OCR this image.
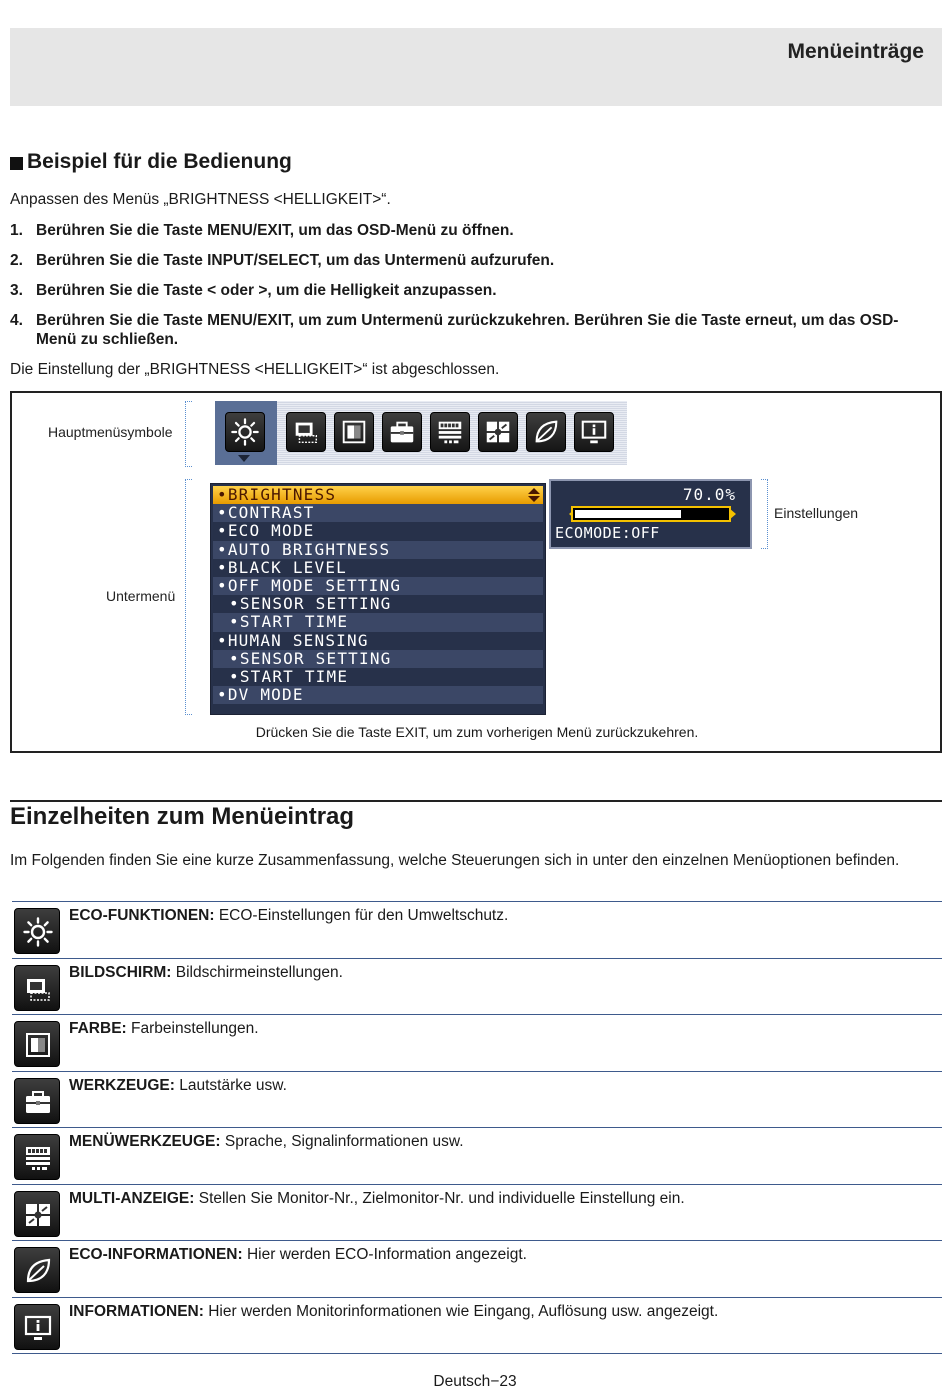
Menüeinträge
Beispiel für die Bedienung
Anpassen des Menüs „BRIGHTNESS <HELLIGKEIT>“.
1. Berühren Sie die Taste MENU/EXIT, um das OSD-Menü zu öffnen.
2. Berühren Sie die Taste INPUT/SELECT, um das Untermenü aufzurufen.
3. Berühren Sie die Taste < oder >, um die Helligkeit anzupassen.
4. Berühren Sie die Taste MENU/EXIT, um zum Untermenü zurückzukehren. Berühren Sie die Taste erneut, um das OSD-Menü zu schließen.
Die Einstellung der „BRIGHTNESS <HELLIGKEIT>“ ist abgeschlossen.
Hauptmenüsymbole
Untermenü
•BRIGHTNESS
•CONTRAST
•ECO MODE
•AUTO BRIGHTNESS
•BLACK LEVEL
•OFF MODE SETTING
•SENSOR SETTING
•START TIME
•HUMAN SENSING
•SENSOR SETTING
•START TIME
•DV MODE
70.0%
ECOMODE:OFF
Einstellungen
Drücken Sie die Taste EXIT, um zum vorherigen Menü zurückzukehren.
Einzelheiten zum Menüeintrag
Im Folgenden finden Sie eine kurze Zusammenfassung, welche Steuerungen sich in unter den einzelnen Menüoptionen befinden.
ECO-FUNKTIONEN: ECO-Einstellungen für den Umweltschutz.
BILDSCHIRM: Bildschirmeinstellungen.
FARBE: Farbeinstellungen.
WERKZEUGE: Lautstärke usw.
MENÜWERKZEUGE: Sprache, Signalinformationen usw.
MULTI-ANZEIGE: Stellen Sie Monitor-Nr., Zielmonitor-Nr. und individuelle Einstellung ein.
ECO-INFORMATIONEN: Hier werden ECO-Information angezeigt.
INFORMATIONEN: Hier werden Monitorinformationen wie Eingang, Auflösung usw. angezeigt.
Deutsch−23
